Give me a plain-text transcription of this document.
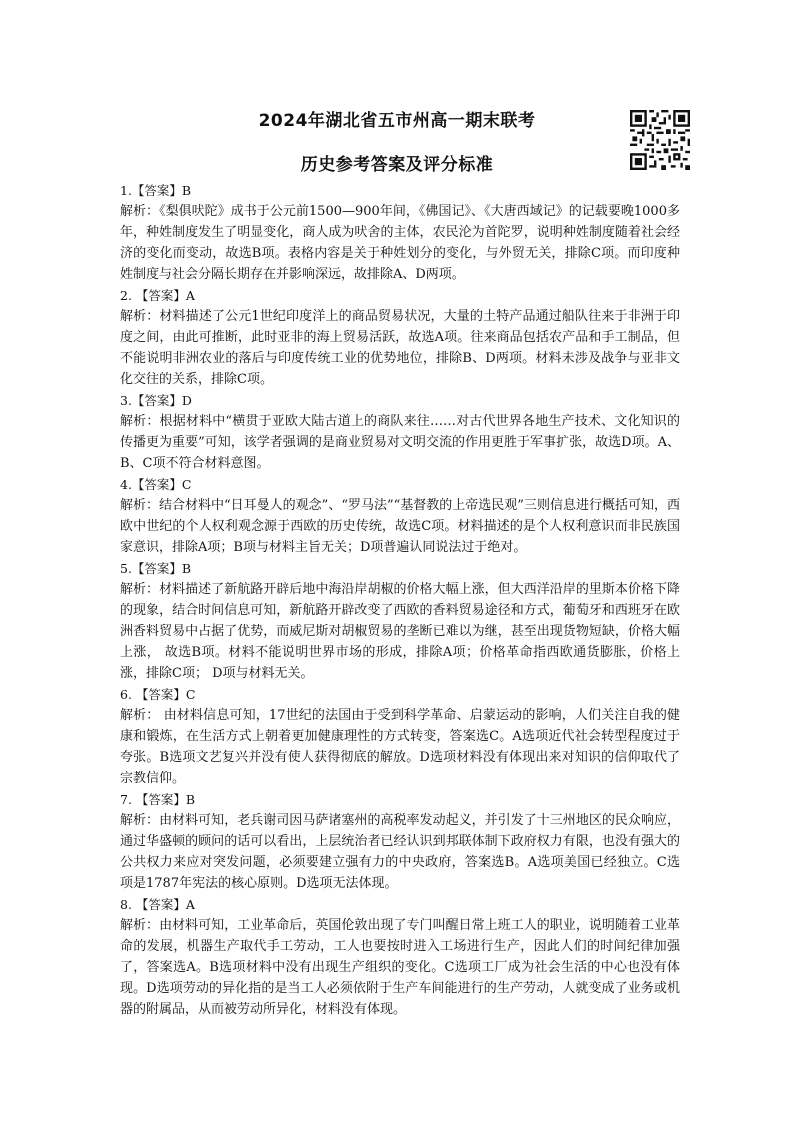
2024年湖北省五市州高一期末联考
历史参考答案及评分标准
1.【答案】B
解析：《梨俱吠陀》成书于公元前1500—900年间，《佛国记》、《大唐西域记》的记载要晚1000多年，种姓制度发生了明显变化，商人成为吠舍的主体，农民沦为首陀罗，说明种姓制度随着社会经济的变化而变动，故选B项。表格内容是关于种姓划分的变化，与外贸无关，排除C项。而印度种姓制度与社会分隔长期存在并影响深远，故排除A、D两项。
2. 【答案】A
解析：材料描述了公元1世纪印度洋上的商品贸易状况，大量的土特产品通过船队往来于非洲于印度之间，由此可推断，此时亚非的海上贸易活跃，故选A项。往来商品包括农产品和手工制品，但不能说明非洲农业的落后与印度传统工业的优势地位，排除B、D两项。材料未涉及战争与亚非文化交往的关系，排除C项。
3.【答案】D
解析：根据材料中“横贯于亚欧大陆古道上的商队来往……对古代世界各地生产技术、文化知识的传播更为重要”可知，该学者强调的是商业贸易对文明交流的作用更胜于军事扩张，故选D项。A、B、C项不符合材料意图。
4.【答案】C
解析：结合材料中“日耳曼人的观念”、“罗马法”“基督教的上帝选民观”三则信息进行概括可知，西欧中世纪的个人权利观念源于西欧的历史传统，故选C项。材料描述的是个人权利意识而非民族国家意识，排除A项；B项与材料主旨无关；D项普遍认同说法过于绝对。
5.【答案】B
解析：材料描述了新航路开辟后地中海沿岸胡椒的价格大幅上涨，但大西洋沿岸的里斯本价格下降的现象，结合时间信息可知，新航路开辟改变了西欧的香料贸易途径和方式，葡萄牙和西班牙在欧洲香料贸易中占据了优势，而威尼斯对胡椒贸易的垄断已难以为继，甚至出现货物短缺，价格大幅上涨， 故选B项。材料不能说明世界市场的形成，排除A项；价格革命指西欧通货膨胀，价格上涨，排除C项； D项与材料无关。
6. 【答案】C
解析： 由材料信息可知，17世纪的法国由于受到科学革命、启蒙运动的影响，人们关注自我的健康和锻炼，在生活方式上朝着更加健康理性的方式转变，答案选C。A选项近代社会转型程度过于夸张。B选项文艺复兴并没有使人获得彻底的解放。D选项材料没有体现出来对知识的信仰取代了宗教信仰。
7. 【答案】B
解析：由材料可知，老兵谢司因马萨诸塞州的高税率发动起义，并引发了十三州地区的民众响应，通过华盛顿的顾问的话可以看出，上层统治者已经认识到邦联体制下政府权力有限，也没有强大的公共权力来应对突发问题，必须要建立强有力的中央政府，答案选B。A选项美国已经独立。C选项是1787年宪法的核心原则。D选项无法体现。
8. 【答案】A
解析：由材料可知，工业革命后，英国伦敦出现了专门叫醒日常上班工人的职业，说明随着工业革命的发展，机器生产取代手工劳动，工人也要按时进入工场进行生产，因此人们的时间纪律加强了，答案选A。B选项材料中没有出现生产组织的变化。C选项工厂成为社会生活的中心也没有体现。D选项劳动的异化指的是当工人必须依附于生产车间能进行的生产劳动，人就变成了业务或机器的附属品，从而被劳动所异化，材料没有体现。
